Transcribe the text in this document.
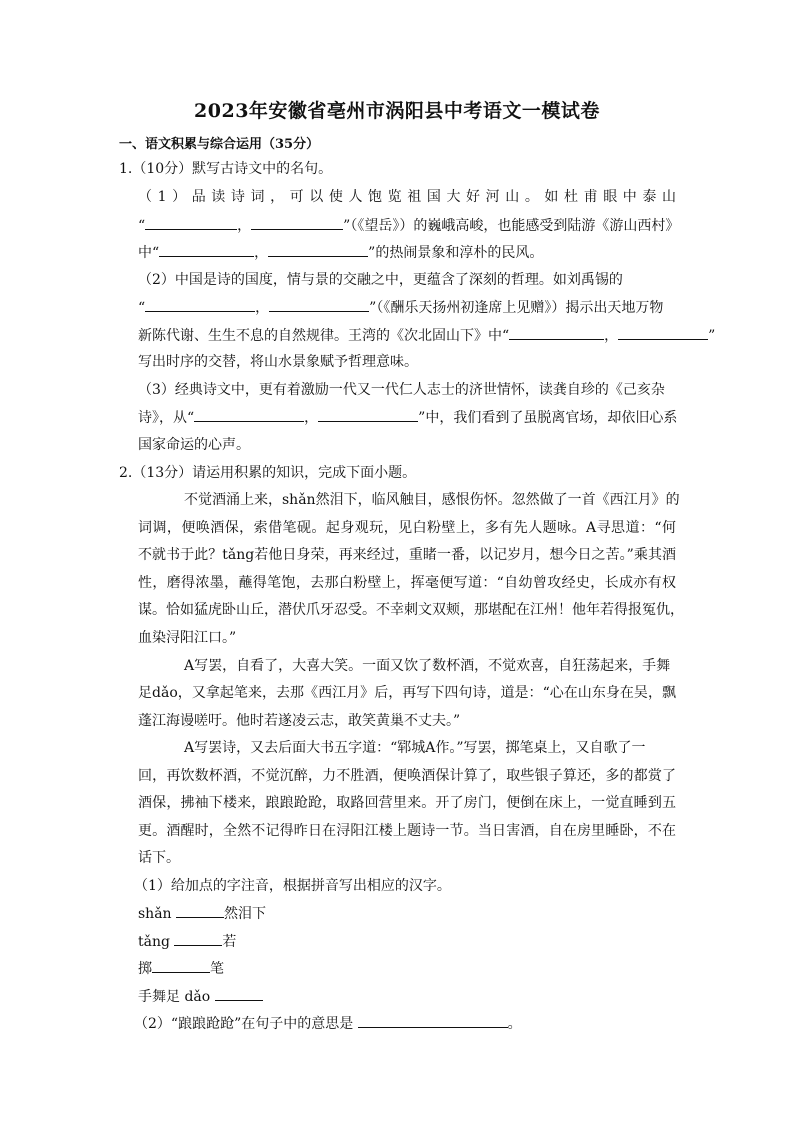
2023年安徽省亳州市涡阳县中考语文一模试卷
一、语文积累与综合运用（35分）
1.（10分）默写古诗文中的名句。
（1）品读诗词，可以使人饱览祖国大好河山。如杜甫眼中泰山
“	，	”（《望岳》）的巍峨高峻，也能感受到陆游《游山西村》
中“	，	”的热闹景象和淳朴的民风。
（2）中国是诗的国度，情与景的交融之中，更蕴含了深刻的哲理。如刘禹锡的
“	，	”（《酬乐天扬州初逢席上见赠》）揭示出天地万物
新陈代谢、生生不息的自然规律。王湾的《次北固山下》中“	，	”
写出时序的交替，将山水景象赋予哲理意味。
（3）经典诗文中，更有着激励一代又一代仁人志士的济世情怀，读龚自珍的《己亥杂
诗》，从“	，	”中，我们看到了虽脱离官场，却依旧心系
国家命运的心声。
2.（13分）请运用积累的知识，完成下面小题。
不觉酒涌上来，shǎn然泪下，临风触目，感恨伤怀。忽然做了一首《西江月》的
词调，便唤酒保，索借笔砚。起身观玩，见白粉壁上，多有先人题咏。A寻思道：“何
不就书于此？tǎng若他日身荣，再来经过，重睹一番，以记岁月，想今日之苦。”乘其酒
性，磨得浓墨，蘸得笔饱，去那白粉壁上，挥毫便写道：“自幼曾攻经史，长成亦有权
谋。恰如猛虎卧山丘，潜伏爪牙忍受。不幸刺文双颊，那堪配在江州！他年若得报冤仇，
血染浔阳江口。”
A写罢，自看了，大喜大笑。一面又饮了数杯酒，不觉欢喜，自狂荡起来，手舞
足dǎo，又拿起笔来，去那《西江月》后，再写下四句诗，道是：“心在山东身在吴，飘
蓬江海谩嗟吁。他时若遂凌云志，敢笑黄巢不丈夫。”
A写罢诗，又去后面大书五字道：“郓城A作。”写罢，掷笔桌上，又自歌了一
回，再饮数杯酒，不觉沉醉，力不胜酒，便唤酒保计算了，取些银子算还，多的都赏了
酒保，拂袖下楼来，踉踉跄跄，取路回营里来。开了房门，便倒在床上，一觉直睡到五
更。酒醒时，全然不记得昨日在浔阳江楼上题诗一节。当日害酒，自在房里睡卧，不在
话下。
（1）给加点的字注音，根据拼音写出相应的汉字。
shǎn	然泪下
tǎng	若
掷	笔
手舞足 dǎo
（2）“踉踉跄跄”在句子中的意思是	。
